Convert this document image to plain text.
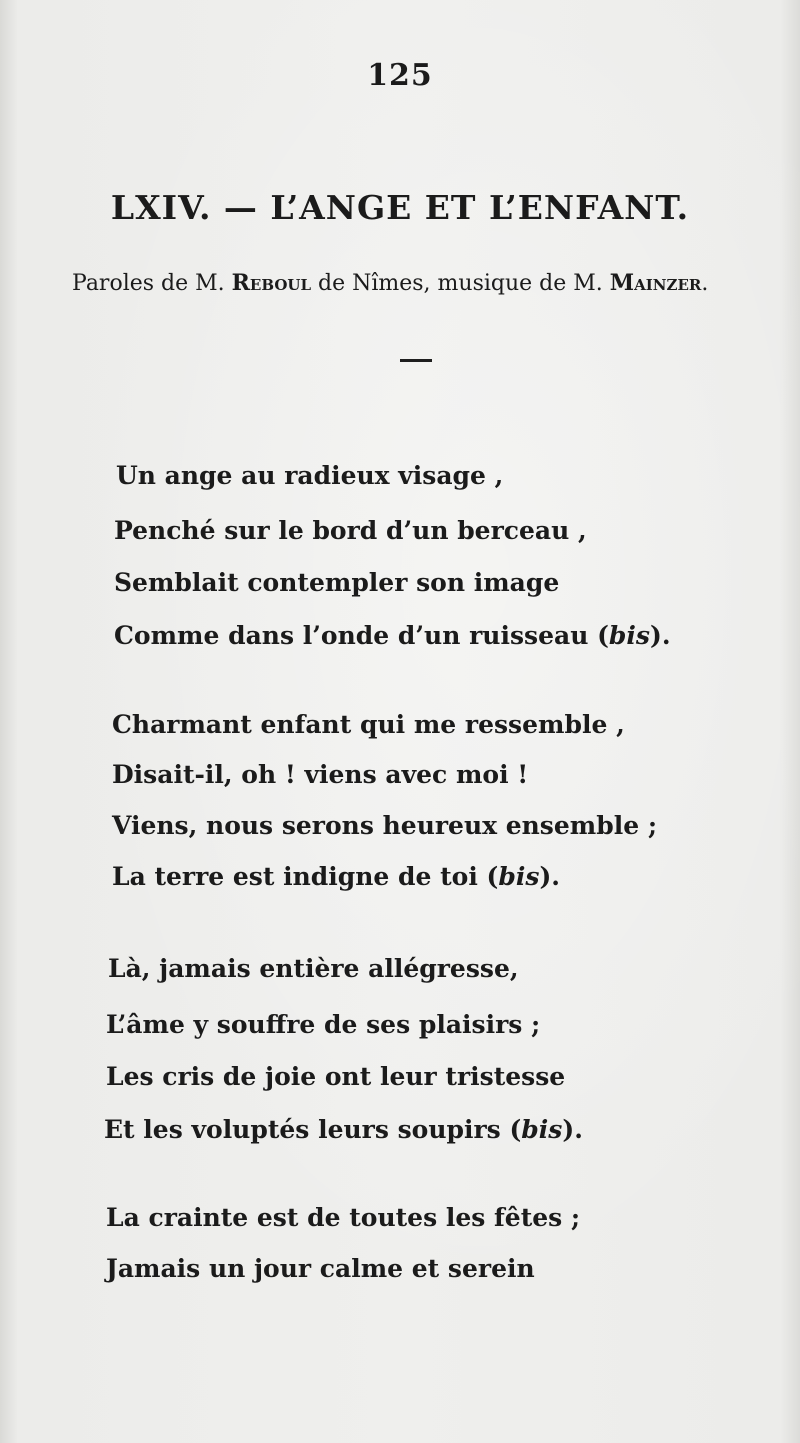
125
LXIV. — L’ANGE ET L’ENFANT.
Paroles de M. Reboul de Nîmes, musique de M. Mainzer.
Un ange au radieux visage ,
Penché sur le bord d’un berceau ,
Semblait contempler son image
Comme dans l’onde d’un ruisseau (bis).
Charmant enfant qui me ressemble ,
Disait-il, oh ! viens avec moi !
Viens, nous serons heureux ensemble ;
La terre est indigne de toi (bis).
Là, jamais entière allégresse,
L’âme y souffre de ses plaisirs ;
Les cris de joie ont leur tristesse
Et les voluptés leurs soupirs (bis).
La crainte est de toutes les fêtes ;
Jamais un jour calme et serein
